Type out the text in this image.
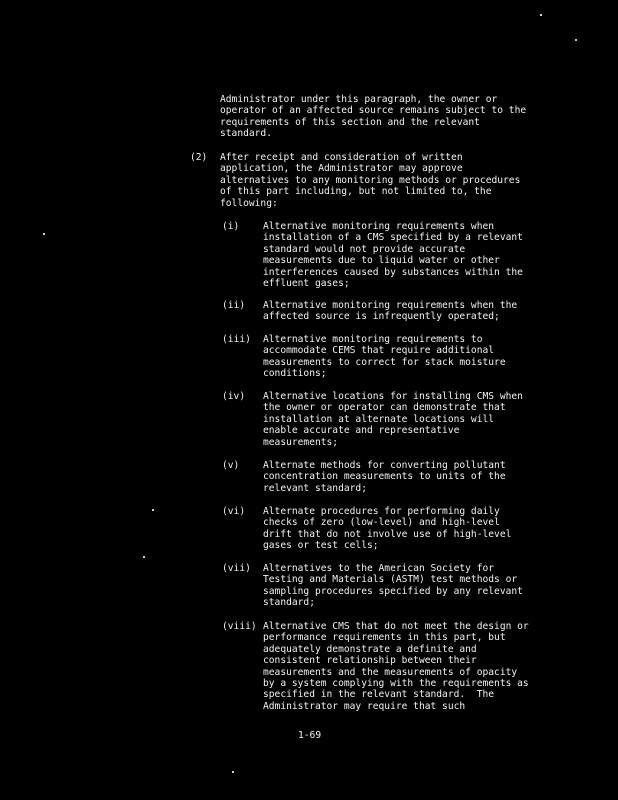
Administrator under this paragraph, the owner or
operator of an affected source remains subject to the
requirements of this section and the relevant
standard.
(2) After receipt and consideration of written
application, the Administrator may approve
alternatives to any monitoring methods or procedures
of this part including, but not limited to, the
following:
(i) Alternative monitoring requirements when
installation of a CMS specified by a relevant
standard would not provide accurate
measurements due to liquid water or other
interferences caused by substances within the
effluent gases;
(ii) Alternative monitoring requirements when the
affected source is infrequently operated;
(iii) Alternative monitoring requirements to
accommodate CEMS that require additional
measurements to correct for stack moisture
conditions;
(iv) Alternative locations for installing CMS when
the owner or operator can demonstrate that
installation at alternate locations will
enable accurate and representative
measurements;
(v) Alternate methods for converting pollutant
concentration measurements to units of the
relevant standard;
(vi) Alternate procedures for performing daily
checks of zero (low-level) and high-level
drift that do not involve use of high-level
gases or test cells;
(vii) Alternatives to the American Society for
Testing and Materials (ASTM) test methods or
sampling procedures specified by any relevant
standard;
(viii) Alternative CMS that do not meet the design or
performance requirements in this part, but
adequately demonstrate a definite and
consistent relationship between their
measurements and the measurements of opacity
by a system complying with the requirements as
specified in the relevant standard.  The
Administrator may require that such
1-69
